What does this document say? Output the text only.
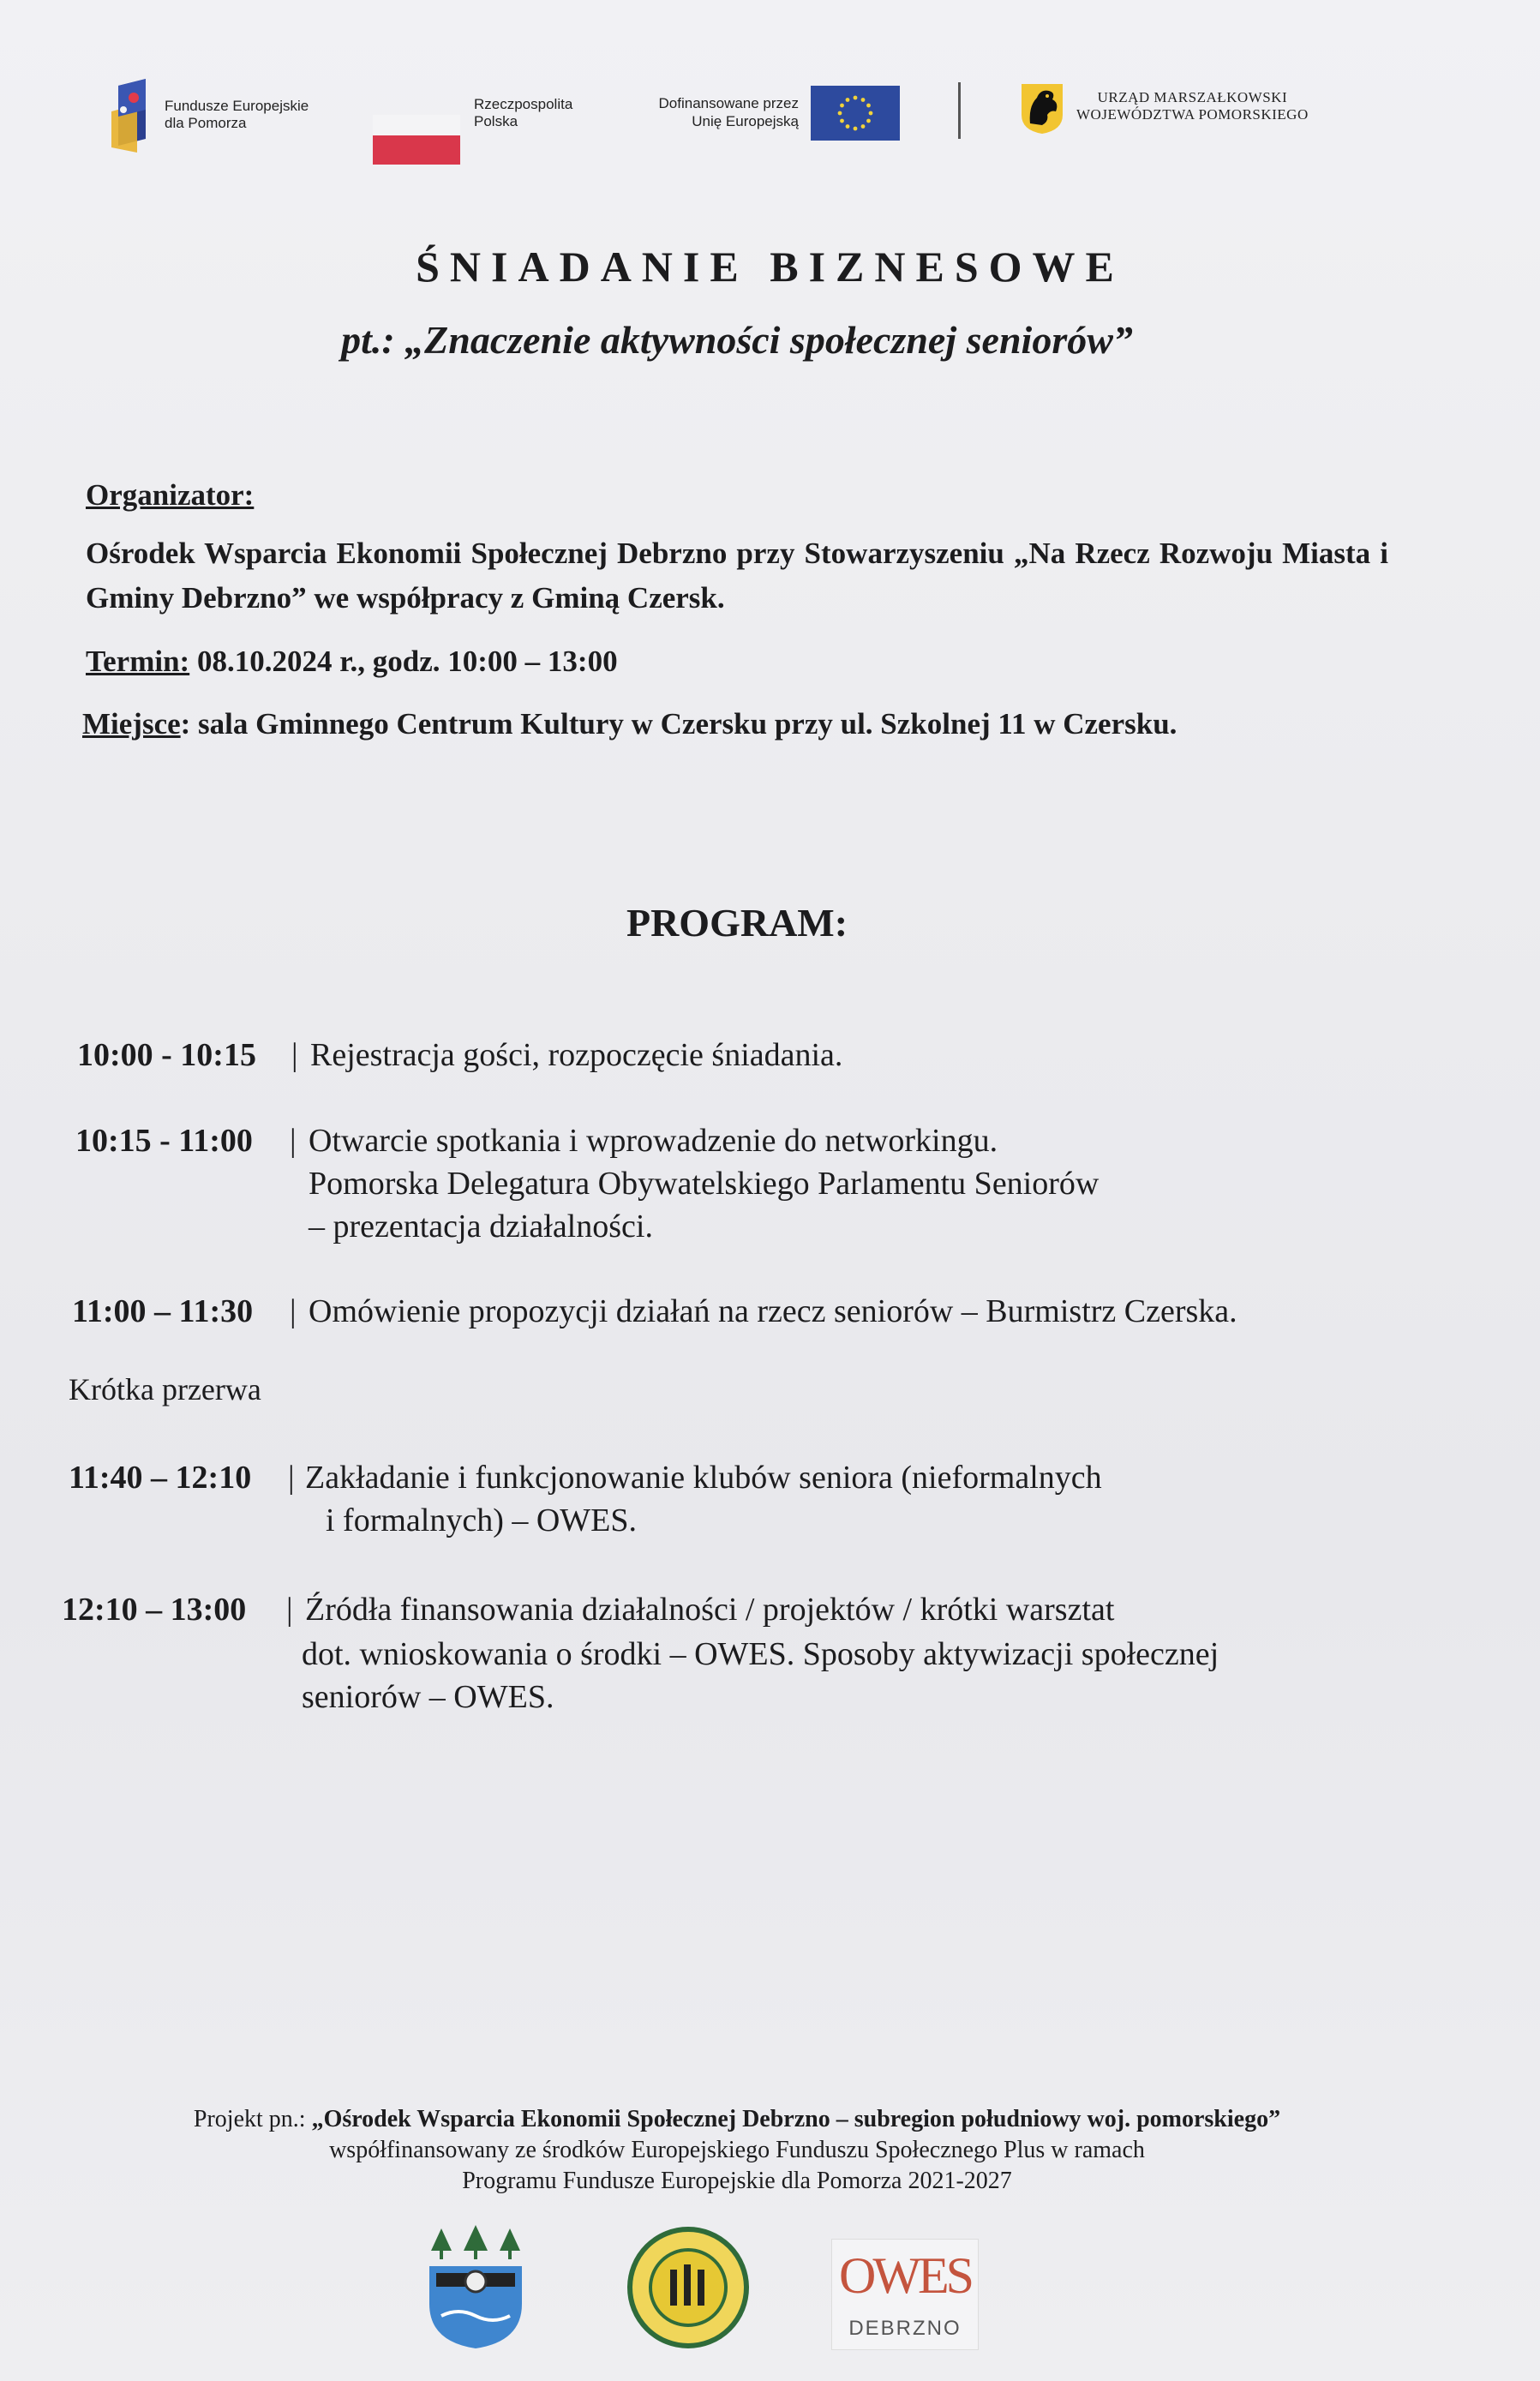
Fundusze Europejskie
dla Pomorza
Rzeczpospolita
Polska
Dofinansowane przez
Unię Europejską
URZĄD MARSZAŁKOWSKI
WOJEWÓDZTWA POMORSKIEGO
ŚNIADANIE BIZNESOWE
pt.: „Znaczenie aktywności społecznej seniorów”
Organizator:
Ośrodek Wsparcia Ekonomii Społecznej Debrzno przy Stowarzyszeniu „Na Rzecz Rozwoju Miasta i Gminy Debrzno” we współpracy z Gminą Czersk.
Termin: 08.10.2024 r., godz. 10:00 – 13:00
Miejsce: sala Gminnego Centrum Kultury w Czersku przy ul. Szkolnej 11 w Czersku.
PROGRAM:
10:00 - 10:15 | Rejestracja gości, rozpoczęcie śniadania.
10:15 - 11:00 | Otwarcie spotkania i wprowadzenie do networkingu.
Pomorska Delegatura Obywatelskiego Parlamentu Seniorów
– prezentacja działalności.
11:00 – 11:30 | Omówienie propozycji działań na rzecz seniorów – Burmistrz Czerska.
Krótka przerwa
11:40 – 12:10 | Zakładanie i funkcjonowanie klubów seniora (nieformalnych
i formalnych) – OWES.
12:10 – 13:00 | Źródła finansowania działalności / projektów / krótki warsztat
dot. wnioskowania o środki – OWES. Sposoby aktywizacji społecznej
seniorów – OWES.
Projekt pn.: „Ośrodek Wsparcia Ekonomii Społecznej Debrzno – subregion południowy woj. pomorskiego”
współfinansowany ze środków Europejskiego Funduszu Społecznego Plus w ramach
Programu Fundusze Europejskie dla Pomorza 2021-2027
OWES
DEBRZNO
